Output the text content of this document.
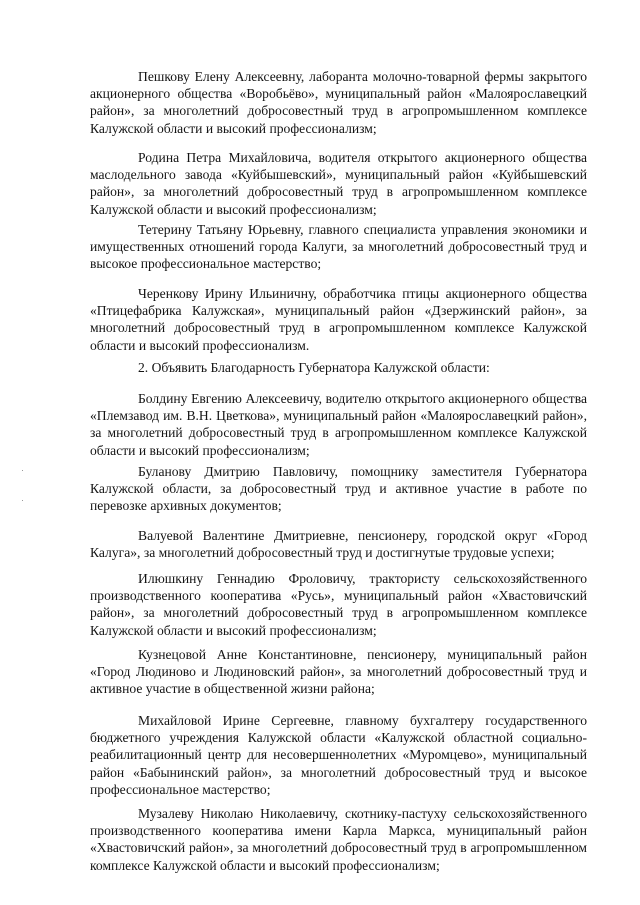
Пешкову Елену Алексеевну, лаборанта молочно-товарной фермы закрытого акционерного общества «Воробьёво», муниципальный район «Малоярославецкий район», за многолетний добросовестный труд в агропромышленном комплексе Калужской области и высокий профессионализм;

Родина Петра Михайловича, водителя открытого акционерного общества маслодельного завода «Куйбышевский», муниципальный район «Куйбышевский район», за многолетний добросовестный труд в агропромышленном комплексе Калужской области и высокий профессионализм;

Тетерину Татьяну Юрьевну, главного специалиста управления экономики и имущественных отношений города Калуги, за многолетний добросовестный труд и высокое профессиональное мастерство;

Черенкову Ирину Ильиничну, обработчика птицы акционерного общества «Птицефабрика Калужская», муниципальный район «Дзержинский район», за многолетний добросовестный труд в агропромышленном комплексе Калужской области и высокий профессионализм.

2. Объявить Благодарность Губернатора Калужской области:

Болдину Евгению Алексеевичу, водителю открытого акционерного общества «Племзавод им. В.Н. Цветкова», муниципальный район «Малоярославецкий район», за многолетний добросовестный труд в агропромышленном комплексе Калужской области и высокий профессионализм;

Буланову Дмитрию Павловичу, помощнику заместителя Губернатора Калужской области, за добросовестный труд и активное участие в работе по перевозке архивных документов;

Валуевой Валентине Дмитриевне, пенсионеру, городской округ «Город Калуга», за многолетний добросовестный труд и достигнутые трудовые успехи;

Илюшкину Геннадию Фроловичу, трактористу сельскохозяйственного производственного кооператива «Русь», муниципальный район «Хвастовичский район», за многолетний добросовестный труд в агропромышленном комплексе Калужской области и высокий профессионализм;

Кузнецовой Анне Константиновне, пенсионеру, муниципальный район «Город Людиново и Людиновский район», за многолетний добросовестный труд и активное участие в общественной жизни района;

Михайловой Ирине Сергеевне, главному бухгалтеру государственного бюджетного учреждения Калужской области «Калужской областной социально-реабилитационный центр для несовершеннолетних «Муромцево», муниципальный район «Бабынинский район», за многолетний добросовестный труд и высокое профессиональное мастерство;

Музалеву Николаю Николаевичу, скотнику-пастуху сельскохозяйственного производственного кооператива имени Карла Маркса, муниципальный район «Хвастовичский район», за многолетний добросовестный труд в агропромышленном комплексе Калужской области и высокий профессионализм;
